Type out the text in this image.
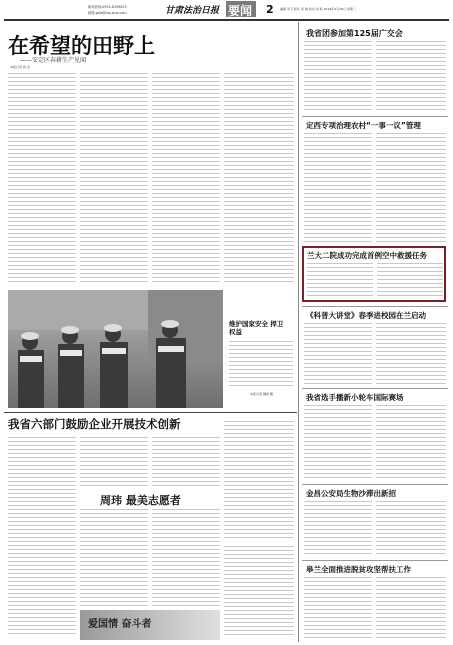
新闻热线:0931-8199053
邮箱:gsfz@vip.sina.com	甘肃法治日报 要闻 2 编辑 李飞 版式 李 瑞 校对 刘 艳 2019年4月16日 星期二
在希望的田野上
——安定区春耕生产见闻
本报记者 杨 洁
维护国家安全 捍卫权益
本报记者 魏建 摄
我省六部门鼓励企业开展技术创新
周玮 最美志愿者
爱国情 奋斗者
我省团参加第125届广交会
定西专项治理农村“一事一议”管理
兰大二院成功完成首例空中救援任务
《科普大讲堂》春季进校园在兰启动
我省选手播新小轮车国际赛场
金昌公安局生物沙滞出新招
皋兰全面推进脱贫攻坚帮扶工作
